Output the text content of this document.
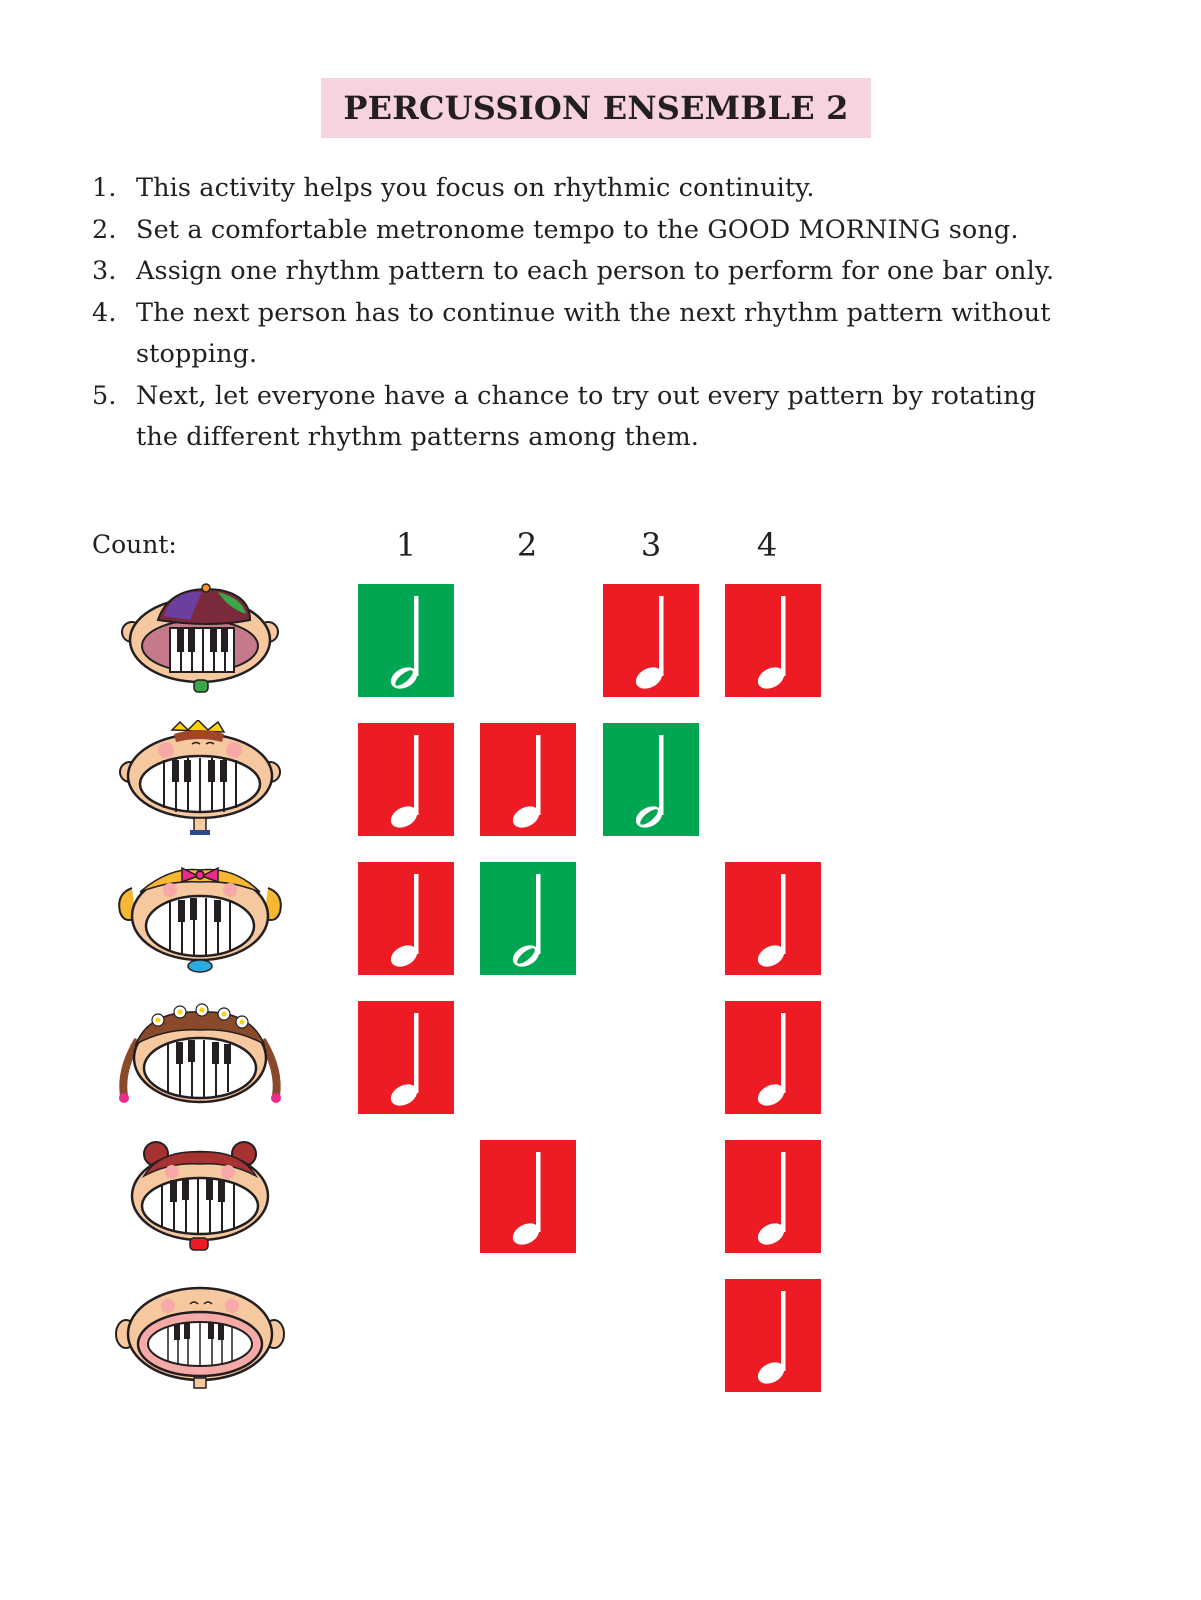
PERCUSSION ENSEMBLE 2
1. This activity helps you focus on rhythmic continuity.
2. Set a comfortable metronome tempo to the GOOD MORNING song.
3. Assign one rhythm pattern to each person to perform for one bar only.
4. The next person has to continue with the next rhythm pattern without
stopping.
5. Next, let everyone have a chance to try out every pattern by rotating
the different rhythm patterns among them.
Count:	1	2	3	4
